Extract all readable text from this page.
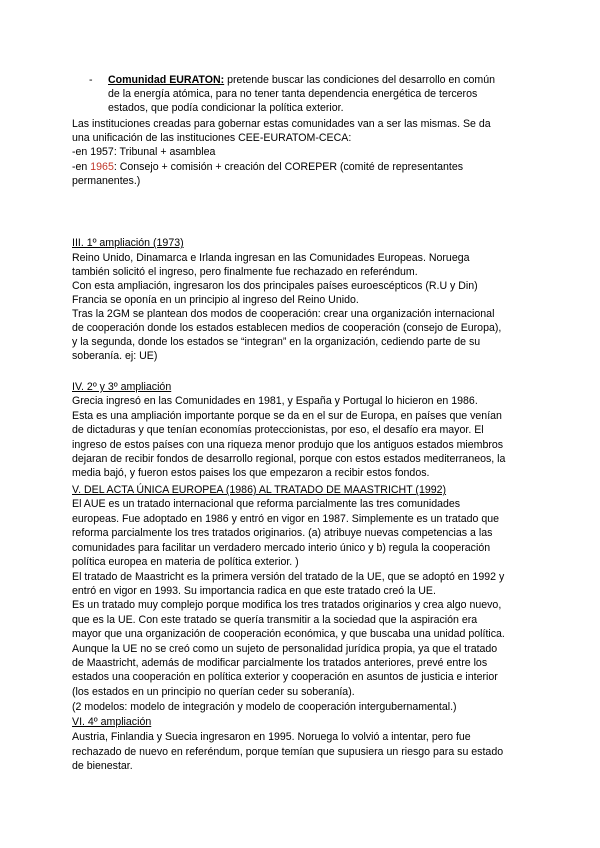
- Comunidad EURATON: pretende buscar las condiciones del desarrollo en común
de la energía atómica, para no tener tanta dependencia energética de terceros
estados, que podía condicionar la política exterior.
Las instituciones creadas para gobernar estas comunidades van a ser las mismas. Se da
una unificación de las instituciones CEE-EURATOM-CECA:
-en 1957: Tribunal + asamblea
-en 1965: Consejo + comisión + creación del COREPER (comité de representantes
permanentes.)
III. 1º ampliación (1973)
Reino Unido, Dinamarca e Irlanda ingresan en las Comunidades Europeas. Noruega
también solicitó el ingreso, pero finalmente fue rechazado en referéndum.
Con esta ampliación, ingresaron los dos principales países euroescépticos (R.U y Din)
Francia se oponía en un principio al ingreso del Reino Unido.
Tras la 2GM se plantean dos modos de cooperación: crear una organización internacional
de cooperación donde los estados establecen medios de cooperación (consejo de Europa),
y la segunda, donde los estados se “integran” en la organización, cediendo parte de su
soberanía. ej: UE)
IV. 2º y 3º ampliación
Grecia ingresó en las Comunidades en 1981, y España y Portugal lo hicieron en 1986.
Esta es una ampliación importante porque se da en el sur de Europa, en países que venían
de dictaduras y que tenían economías proteccionistas, por eso, el desafío era mayor. El
ingreso de estos países con una riqueza menor produjo que los antiguos estados miembros
dejaran de recibir fondos de desarrollo regional, porque con estos estados mediterraneos, la
media bajó, y fueron estos paises los que empezaron a recibir estos fondos.
V. DEL ACTA ÚNICA EUROPEA (1986) AL TRATADO DE MAASTRICHT (1992)
El AUE es un tratado internacional que reforma parcialmente las tres comunidades
europeas. Fue adoptado en 1986 y entró en vigor en 1987. Simplemente es un tratado que
reforma parcialmente los tres tratados originarios. (a) atribuye nuevas competencias a las
comunidades para facilitar un verdadero mercado interio único y b) regula la cooperación
política europea en materia de política exterior. )
El tratado de Maastricht es la primera versión del tratado de la UE, que se adoptó en 1992 y
entró en vigor en 1993. Su importancia radica en que este tratado creó la UE.
Es un tratado muy complejo porque modifica los tres tratados originarios y crea algo nuevo,
que es la UE. Con este tratado se quería transmitir a la sociedad que la aspiración era
mayor que una organización de cooperación económica, y que buscaba una unidad política.
Aunque la UE no se creó como un sujeto de personalidad jurídica propia, ya que el tratado
de Maastricht, además de modificar parcialmente los tratados anteriores, prevé entre los
estados una cooperación en política exterior y cooperación en asuntos de justicia e interior
(los estados en un principio no querían ceder su soberanía).
(2 modelos: modelo de integración y modelo de cooperación intergubernamental.)
VI. 4º ampliación
Austria, Finlandia y Suecia ingresaron en 1995. Noruega lo volvió a intentar, pero fue
rechazado de nuevo en referéndum, porque temían que supusiera un riesgo para su estado
de bienestar.
